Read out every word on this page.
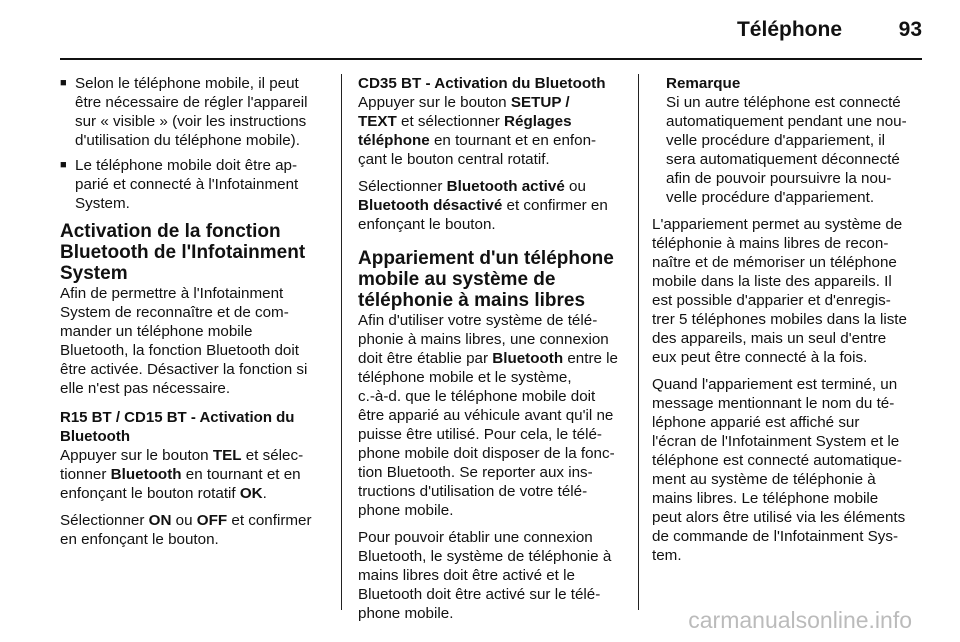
Téléphone	93
■ Selon le téléphone mobile, il peut
être nécessaire de régler l'appareil
sur « visible » (voir les instructions
d'utilisation du téléphone mobile).
■ Le téléphone mobile doit être ap-
parié et connecté à l'Infotainment
System.
Activation de la fonction
Bluetooth de l'Infotainment
System
Afin de permettre à l'Infotainment
System de reconnaître et de com-
mander un téléphone mobile
Bluetooth, la fonction Bluetooth doit
être activée. Désactiver la fonction si
elle n'est pas nécessaire.
R15 BT / CD15 BT - Activation du
Bluetooth
Appuyer sur le bouton TEL et sélec-
tionner Bluetooth en tournant et en
enfonçant le bouton rotatif OK.
Sélectionner ON ou OFF et confirmer
en enfonçant le bouton.
CD35 BT - Activation du Bluetooth
Appuyer sur le bouton SETUP /
TEXT et sélectionner Réglages
téléphone en tournant et en enfon-
çant le bouton central rotatif.
Sélectionner Bluetooth activé ou
Bluetooth désactivé et confirmer en
enfonçant le bouton.
Appariement d'un téléphone
mobile au système de
téléphonie à mains libres
Afin d'utiliser votre système de télé-
phonie à mains libres, une connexion
doit être établie par Bluetooth entre le
téléphone mobile et le système,
c.-à-d. que le téléphone mobile doit
être apparié au véhicule avant qu'il ne
puisse être utilisé. Pour cela, le télé-
phone mobile doit disposer de la fonc-
tion Bluetooth. Se reporter aux ins-
tructions d'utilisation de votre télé-
phone mobile.
Pour pouvoir établir une connexion
Bluetooth, le système de téléphonie à
mains libres doit être activé et le
Bluetooth doit être activé sur le télé-
phone mobile.
Remarque
Si un autre téléphone est connecté
automatiquement pendant une nou-
velle procédure d'appariement, il
sera automatiquement déconnecté
afin de pouvoir poursuivre la nou-
velle procédure d'appariement.
L'appariement permet au système de
téléphonie à mains libres de recon-
naître et de mémoriser un téléphone
mobile dans la liste des appareils. Il
est possible d'apparier et d'enregis-
trer 5 téléphones mobiles dans la liste
des appareils, mais un seul d'entre
eux peut être connecté à la fois.
Quand l'appariement est terminé, un
message mentionnant le nom du té-
léphone apparié est affiché sur
l'écran de l'Infotainment System et le
téléphone est connecté automatique-
ment au système de téléphonie à
mains libres. Le téléphone mobile
peut alors être utilisé via les éléments
de commande de l'Infotainment Sys-
tem.
carmanualsonline.info
